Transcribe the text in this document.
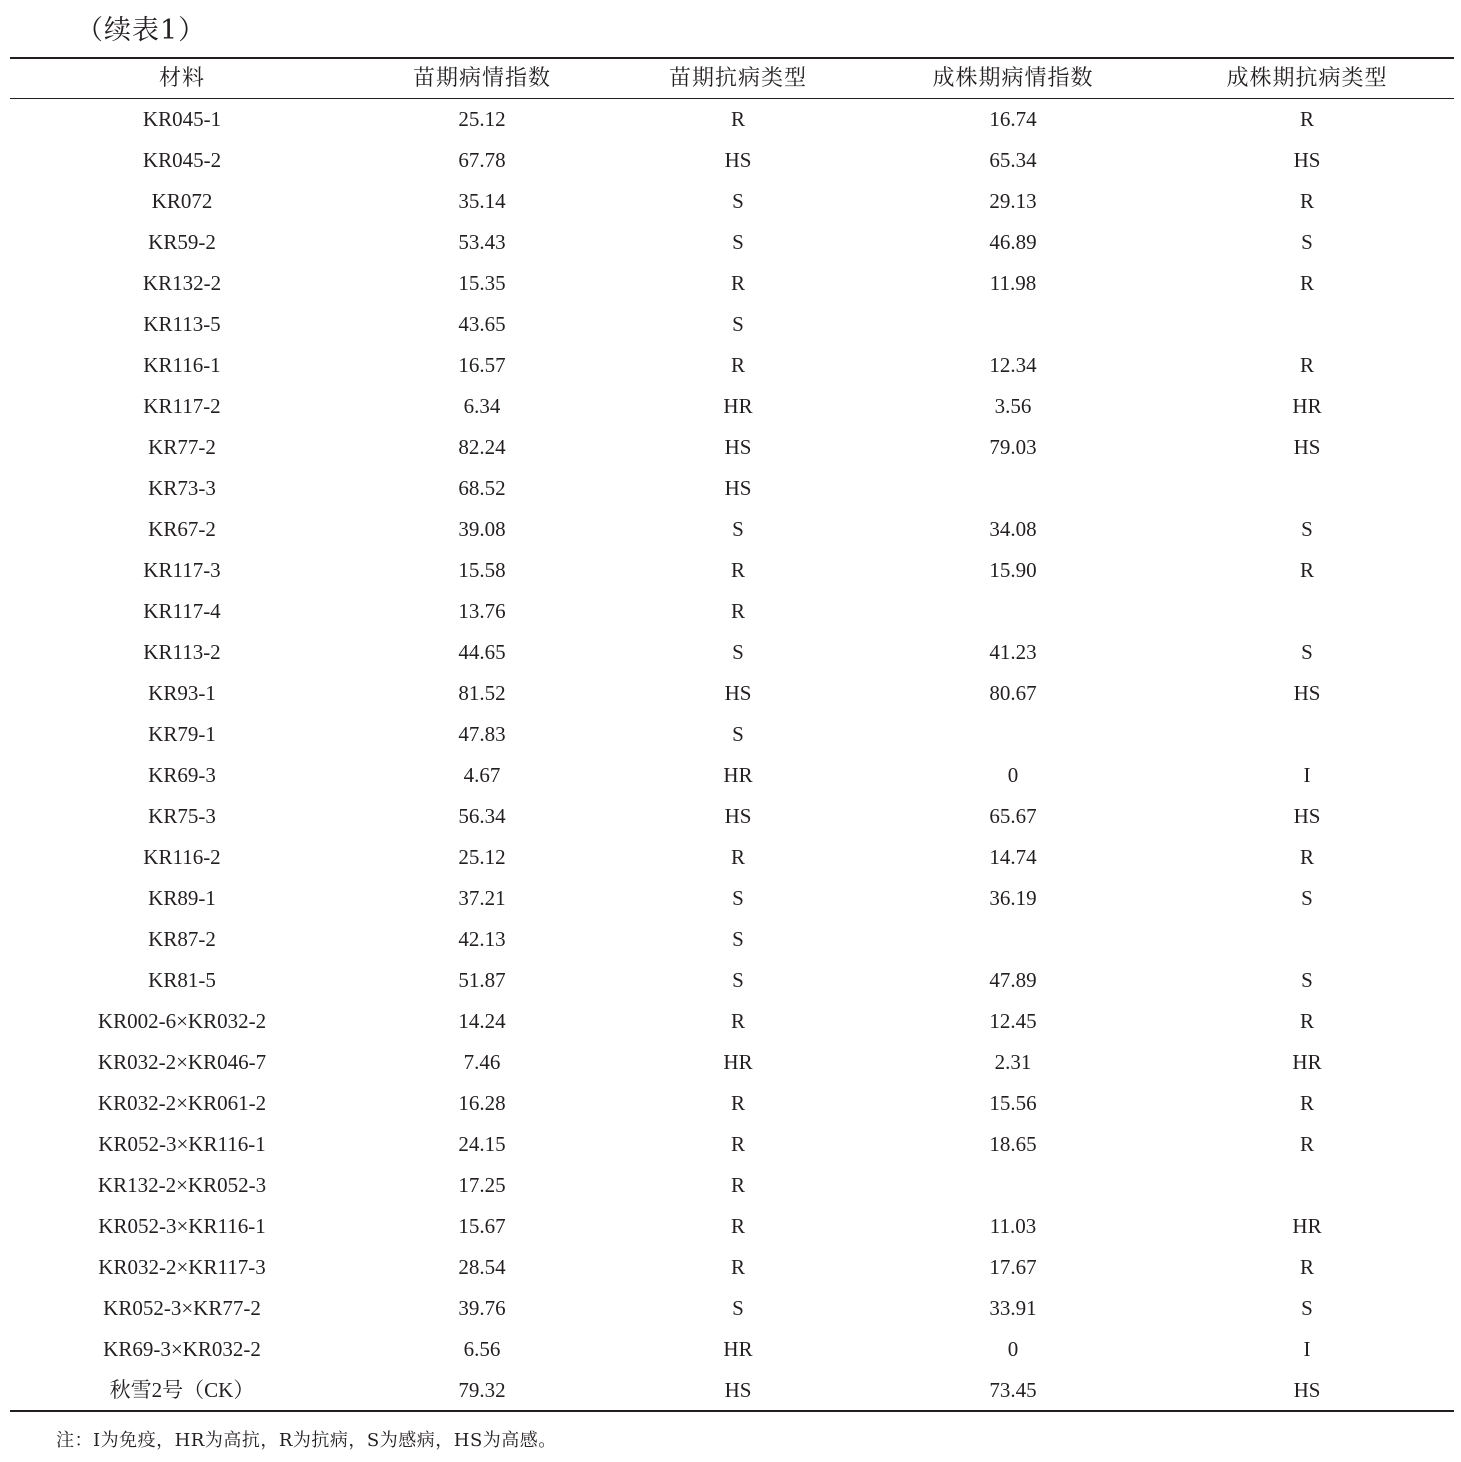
（续表1）
材料	苗期病情指数	苗期抗病类型	成株期病情指数	成株期抗病类型
KR045-1	25.12	R	16.74	R
KR045-2	67.78	HS	65.34	HS
KR072	35.14	S	29.13	R
KR59-2	53.43	S	46.89	S
KR132-2	15.35	R	11.98	R
KR113-5	43.65	S		
KR116-1	16.57	R	12.34	R
KR117-2	6.34	HR	3.56	HR
KR77-2	82.24	HS	79.03	HS
KR73-3	68.52	HS		
KR67-2	39.08	S	34.08	S
KR117-3	15.58	R	15.90	R
KR117-4	13.76	R		
KR113-2	44.65	S	41.23	S
KR93-1	81.52	HS	80.67	HS
KR79-1	47.83	S		
KR69-3	4.67	HR	0	I
KR75-3	56.34	HS	65.67	HS
KR116-2	25.12	R	14.74	R
KR89-1	37.21	S	36.19	S
KR87-2	42.13	S		
KR81-5	51.87	S	47.89	S
KR002-6×KR032-2	14.24	R	12.45	R
KR032-2×KR046-7	7.46	HR	2.31	HR
KR032-2×KR061-2	16.28	R	15.56	R
KR052-3×KR116-1	24.15	R	18.65	R
KR132-2×KR052-3	17.25	R		
KR052-3×KR116-1	15.67	R	11.03	HR
KR032-2×KR117-3	28.54	R	17.67	R
KR052-3×KR77-2	39.76	S	33.91	S
KR69-3×KR032-2	6.56	HR	0	I
秋雪2号（CK）	79.32	HS	73.45	HS
注：I为免疫，HR为高抗，R为抗病，S为感病，HS为高感。
